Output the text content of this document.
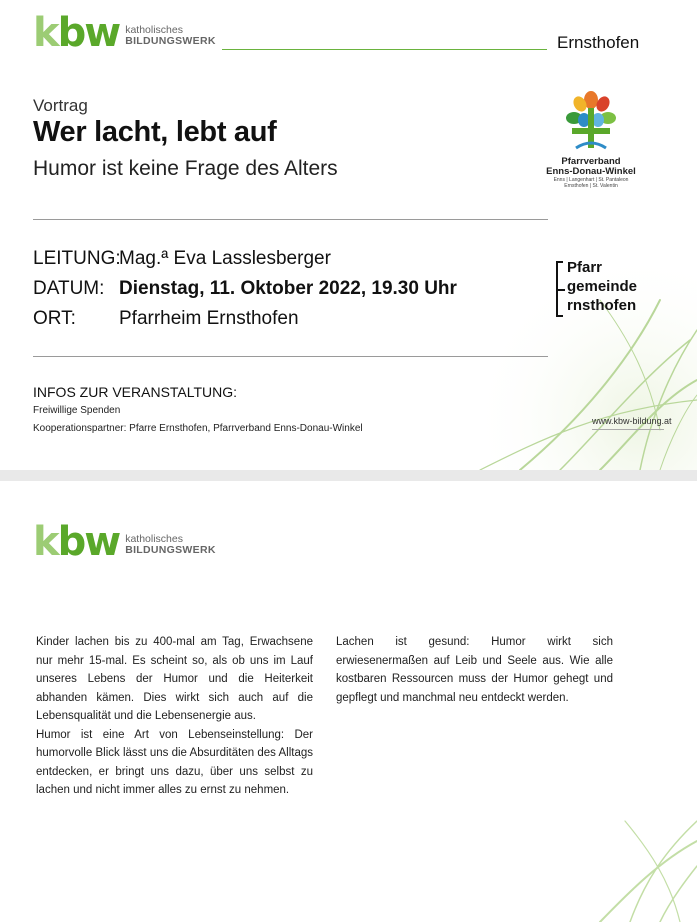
kbw katholisches
BILDUNGSWERK	Ernsthofen
Vortrag
Wer lacht, lebt auf
Humor ist keine Frage des Alters	Pfarrverband
Enns-Donau-Winkel
Enns | Langenhart | St. Pantaleon
Ernsthofen | St. Valentin
LEITUNG:
Mag.ª Eva Lasslesberger
DATUM: Dienstag, 11. Oktober 2022, 19.30 Uhr
ORT: Pfarrheim Ernsthofen
Pfarr
gemeinde
rnsthofen
INFOS ZUR VERANSTALTUNG:
Freiwillige Spenden
Kooperationspartner: Pfarre Ernsthofen, Pfarrverband Enns-Donau-Winkel
www.kbw-bildung.at
kbw katholisches
BILDUNGSWERK

Kinder lachen bis zu 400-mal am Tag, Erwachsene nur mehr 15-mal. Es scheint so, als ob uns im Lauf unseres Lebens der Humor und die Heiterkeit abhanden kämen. Dies wirkt sich auch auf die Lebensqualität und die Lebensenergie aus.

Humor ist eine Art von Lebenseinstellung: Der humorvolle Blick lässt uns die Absurditäten des Alltags entdecken, er bringt uns dazu, über uns selbst zu lachen und nicht immer alles zu ernst zu nehmen.

Lachen ist gesund: Humor wirkt sich erwiesenermaßen auf Leib und Seele aus. Wie alle kostbaren Ressourcen muss der Humor gehegt und gepflegt und manchmal neu entdeckt werden.
